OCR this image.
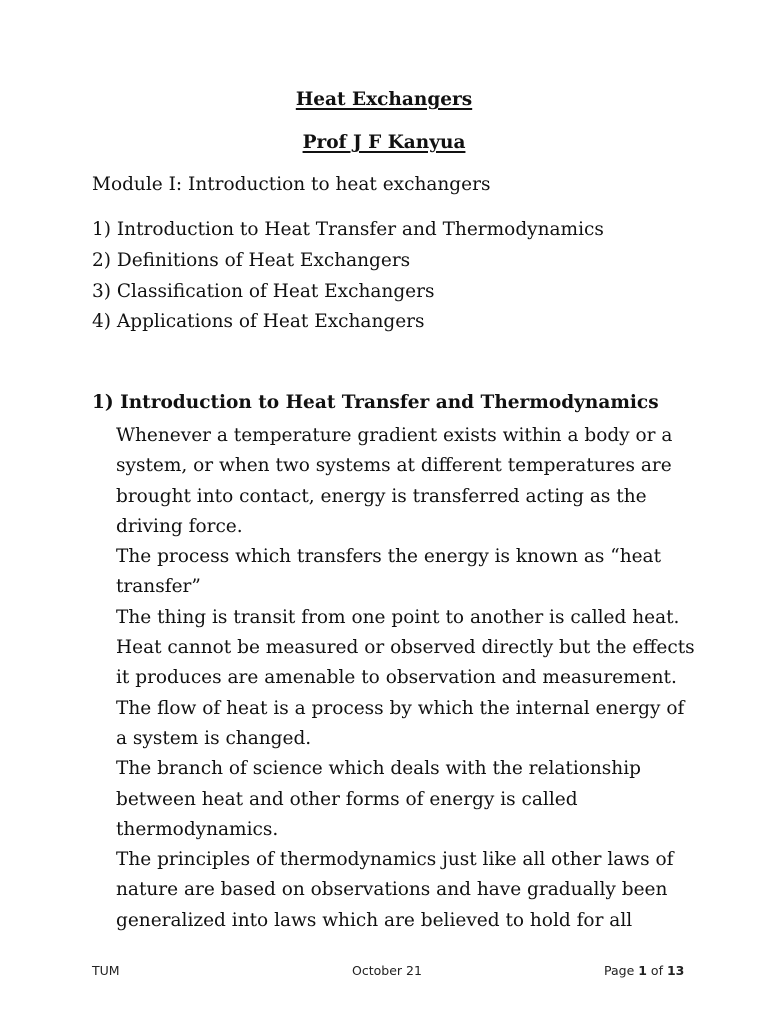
Heat Exchangers
Prof J F Kanyua
Module I: Introduction to heat exchangers
1) Introduction to Heat Transfer and Thermodynamics
2) Definitions of Heat Exchangers
3) Classification of Heat Exchangers
4) Applications of Heat Exchangers
1) Introduction to Heat Transfer and Thermodynamics
Whenever a temperature gradient exists within a body or a
system, or when two systems at different temperatures are
brought into contact, energy is transferred acting as the
driving force.
The process which transfers the energy is known as “heat
transfer”
The thing is transit from one point to another is called heat.
Heat cannot be measured or observed directly but the effects
it produces are amenable to observation and measurement.
The flow of heat is a process by which the internal energy of
a system is changed.
The branch of science which deals with the relationship
between heat and other forms of energy is called
thermodynamics.
The principles of thermodynamics just like all other laws of
nature are based on observations and have gradually been
generalized into laws which are believed to hold for all
TUM	October 21	Page 1 of 13
